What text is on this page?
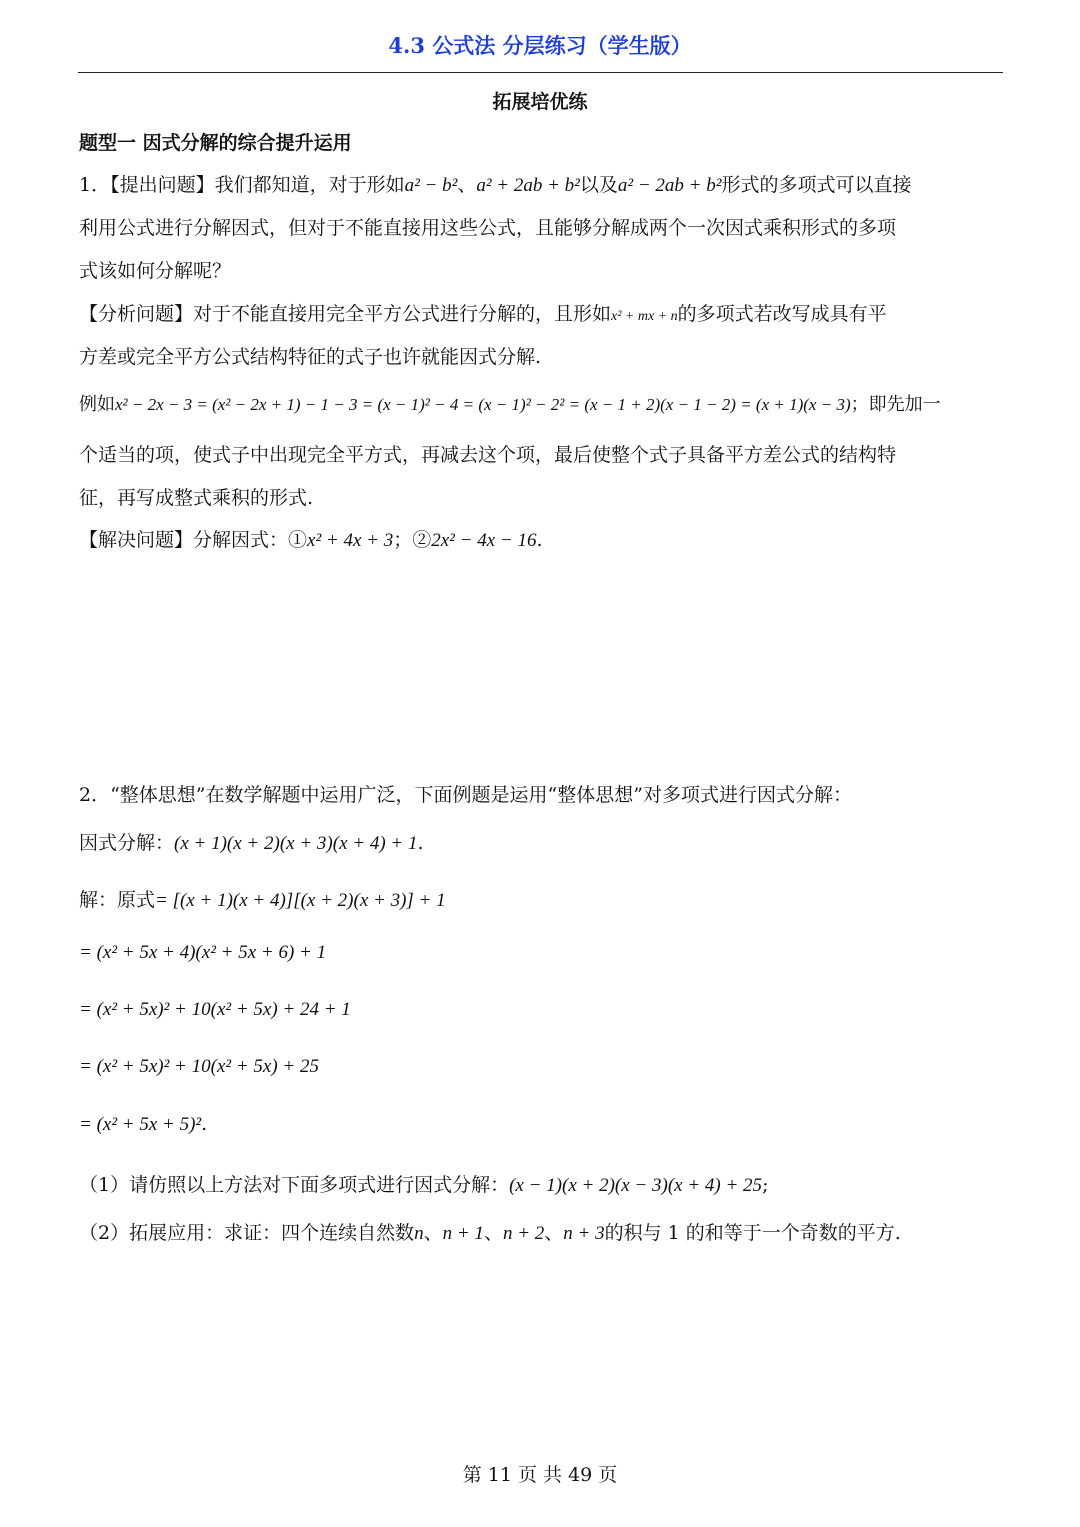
4.3 公式法 分层练习（学生版）
拓展培优练
题型一 因式分解的综合提升运用
1．【提出问题】我们都知道，对于形如a² − b²、a² + 2ab + b²以及a² − 2ab + b²形式的多项式可以直接
利用公式进行分解因式，但对于不能直接用这些公式，且能够分解成两个一次因式乘积形式的多项
式该如何分解呢？
【分析问题】对于不能直接用完全平方公式进行分解的，且形如x² + mx + n的多项式若改写成具有平
方差或完全平方公式结构特征的式子也许就能因式分解.
例如x² − 2x − 3 = (x² − 2x + 1) − 1 − 3 = (x − 1)² − 4 = (x − 1)² − 2² = (x − 1 + 2)(x − 1 − 2) = (x + 1)(x − 3)；即先加一
个适当的项，使式子中出现完全平方式，再减去这个项，最后使整个式子具备平方差公式的结构特
征，再写成整式乘积的形式.
【解决问题】分解因式：①x² + 4x + 3；②2x² − 4x − 16.
2．“整体思想”在数学解题中运用广泛，下面例题是运用“整体思想”对多项式进行因式分解：
因式分解：(x + 1)(x + 2)(x + 3)(x + 4) + 1.
解：原式= [(x + 1)(x + 4)][(x + 2)(x + 3)] + 1
= (x² + 5x + 4)(x² + 5x + 6) + 1
= (x² + 5x)² + 10(x² + 5x) + 24 + 1
= (x² + 5x)² + 10(x² + 5x) + 25
= (x² + 5x + 5)².
（1）请仿照以上方法对下面多项式进行因式分解：(x − 1)(x + 2)(x − 3)(x + 4) + 25;
（2）拓展应用：求证：四个连续自然数n、n + 1、n + 2、n + 3的积与 1 的和等于一个奇数的平方.
第 11 页 共 49 页
